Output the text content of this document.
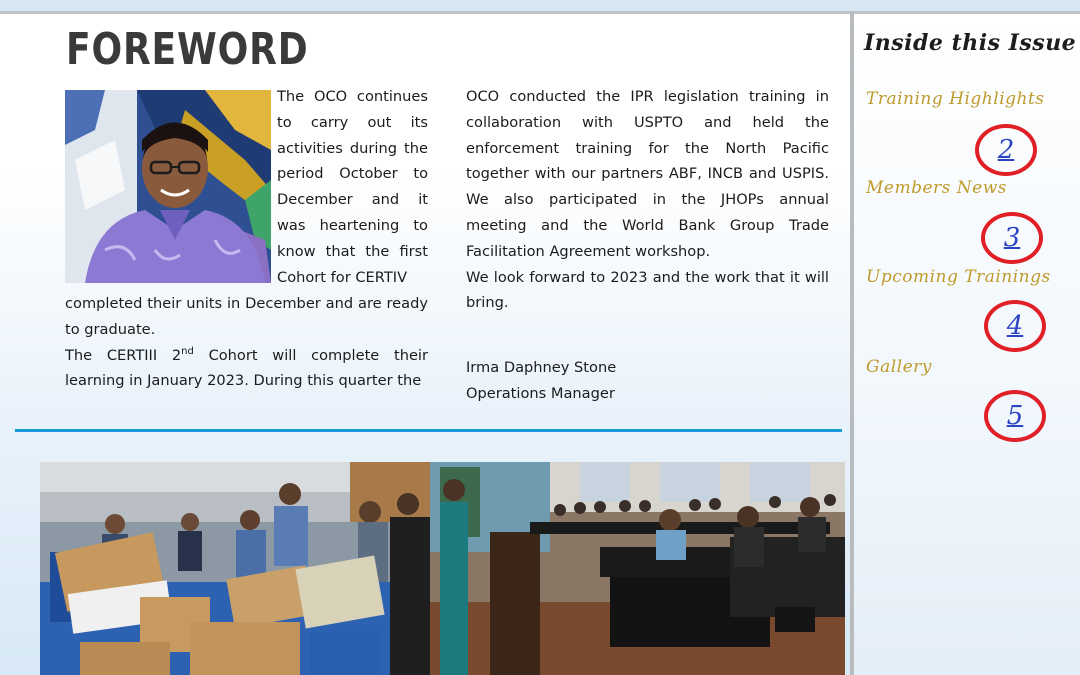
FOREWORD

The OCO continues to carry out its activities during the period October to December and it was heartening to know that the first Cohort for CERTIV

completed their units in December and are ready to graduate.

The CERTIII 2nd Cohort will complete their learning in January 2023. During this quarter the

OCO conducted the IPR legislation training in collaboration with USPTO and held the enforcement training for the North Pacific together with our partners ABF, INCB and USPIS. We also participated in the JHOPs annual meeting and the World Bank Group Trade Facilitation Agreement workshop.

We look forward to 2023 and the work that it will bring.

Irma Daphney Stone

Operations Manager

Inside this Issue

Training Highlights

2

Members News

3

Upcoming Trainings

4

Gallery

5
